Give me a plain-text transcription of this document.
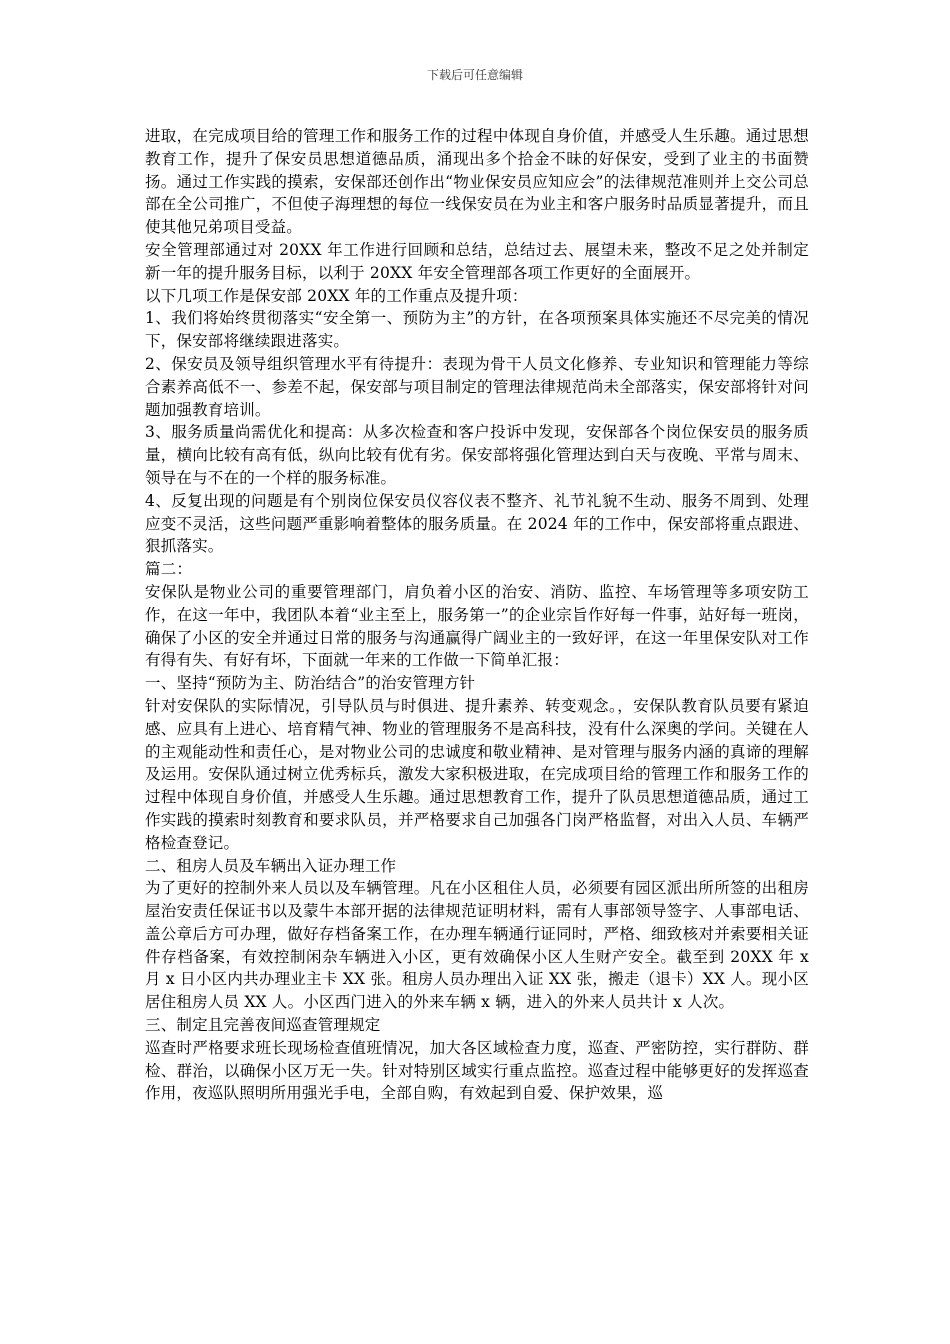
下载后可任意编辑

进取，在完成项目给的管理工作和服务工作的过程中体现自身价值，并感受人生乐趣。通过思想教育工作，提升了保安员思想道德品质，涌现出多个拾金不昧的好保安，受到了业主的书面赞扬。通过工作实践的摸索，安保部还创作出“物业保安员应知应会”的法律规范准则并上交公司总部在全公司推广，不但使子海理想的每位一线保安员在为业主和客户服务时品质显著提升，而且使其他兄弟项目受益。

安全管理部通过对 20XX 年工作进行回顾和总结，总结过去、展望未来，整改不足之处并制定新一年的提升服务目标，以利于 20XX 年安全管理部各项工作更好的全面展开。

以下几项工作是保安部 20XX 年的工作重点及提升项：

1、我们将始终贯彻落实“安全第一、预防为主”的方针，在各项预案具体实施还不尽完美的情况下，保安部将继续跟进落实。

2、保安员及领导组织管理水平有待提升：表现为骨干人员文化修养、专业知识和管理能力等综合素养高低不一、参差不起，保安部与项目制定的管理法律规范尚未全部落实，保安部将针对问题加强教育培训。

3、服务质量尚需优化和提高：从多次检查和客户投诉中发现，安保部各个岗位保安员的服务质量，横向比较有高有低，纵向比较有优有劣。保安部将强化管理达到白天与夜晚、平常与周末、领导在与不在的一个样的服务标准。

4、反复出现的问题是有个别岗位保安员仪容仪表不整齐、礼节礼貌不生动、服务不周到、处理应变不灵活，这些问题严重影响着整体的服务质量。在 2024 年的工作中，保安部将重点跟进、狠抓落实。

篇二：

安保队是物业公司的重要管理部门，肩负着小区的治安、消防、监控、车场管理等多项安防工作，在这一年中，我团队本着“业主至上，服务第一”的企业宗旨作好每一件事，站好每一班岗，确保了小区的安全并通过日常的服务与沟通赢得广阔业主的一致好评，在这一年里保安队对工作有得有失、有好有坏，下面就一年来的工作做一下简单汇报：

一、坚持“预防为主、防治结合”的治安管理方针

针对安保队的实际情况，引导队员与时俱进、提升素养、转变观念。，安保队教育队员要有紧迫感、应具有上进心、培育精气神、物业的管理服务不是高科技，没有什么深奥的学问。关键在人的主观能动性和责任心，是对物业公司的忠诚度和敬业精神、是对管理与服务内涵的真谛的理解及运用。安保队通过树立优秀标兵，激发大家积极进取，在完成项目给的管理工作和服务工作的过程中体现自身价值，并感受人生乐趣。通过思想教育工作，提升了队员思想道德品质，通过工作实践的摸索时刻教育和要求队员，并严格要求自己加强各门岗严格监督，对出入人员、车辆严格检查登记。

二、租房人员及车辆出入证办理工作

为了更好的控制外来人员以及车辆管理。凡在小区租住人员，必须要有园区派出所所签的出租房屋治安责任保证书以及蒙牛本部开据的法律规范证明材料，需有人事部领导签字、人事部电话、盖公章后方可办理，做好存档备案工作，在办理车辆通行证同时，严格、细致核对并索要相关证件存档备案，有效控制闲杂车辆进入小区，更有效确保小区人生财产安全。截至到 20XX 年 x 月 x 日小区内共办理业主卡 XX 张。租房人员办理出入证 XX 张，搬走（退卡）XX 人。现小区居住租房人员 XX 人。小区西门进入的外来车辆 x 辆，进入的外来人员共计 x 人次。

三、制定且完善夜间巡查管理规定

巡查时严格要求班长现场检查值班情况，加大各区域检查力度，巡查、严密防控，实行群防、群检、群治，以确保小区万无一失。针对特别区域实行重点监控。巡查过程中能够更好的发挥巡查作用，夜巡队照明所用强光手电，全部自购，有效起到自爱、保护效果，巡
